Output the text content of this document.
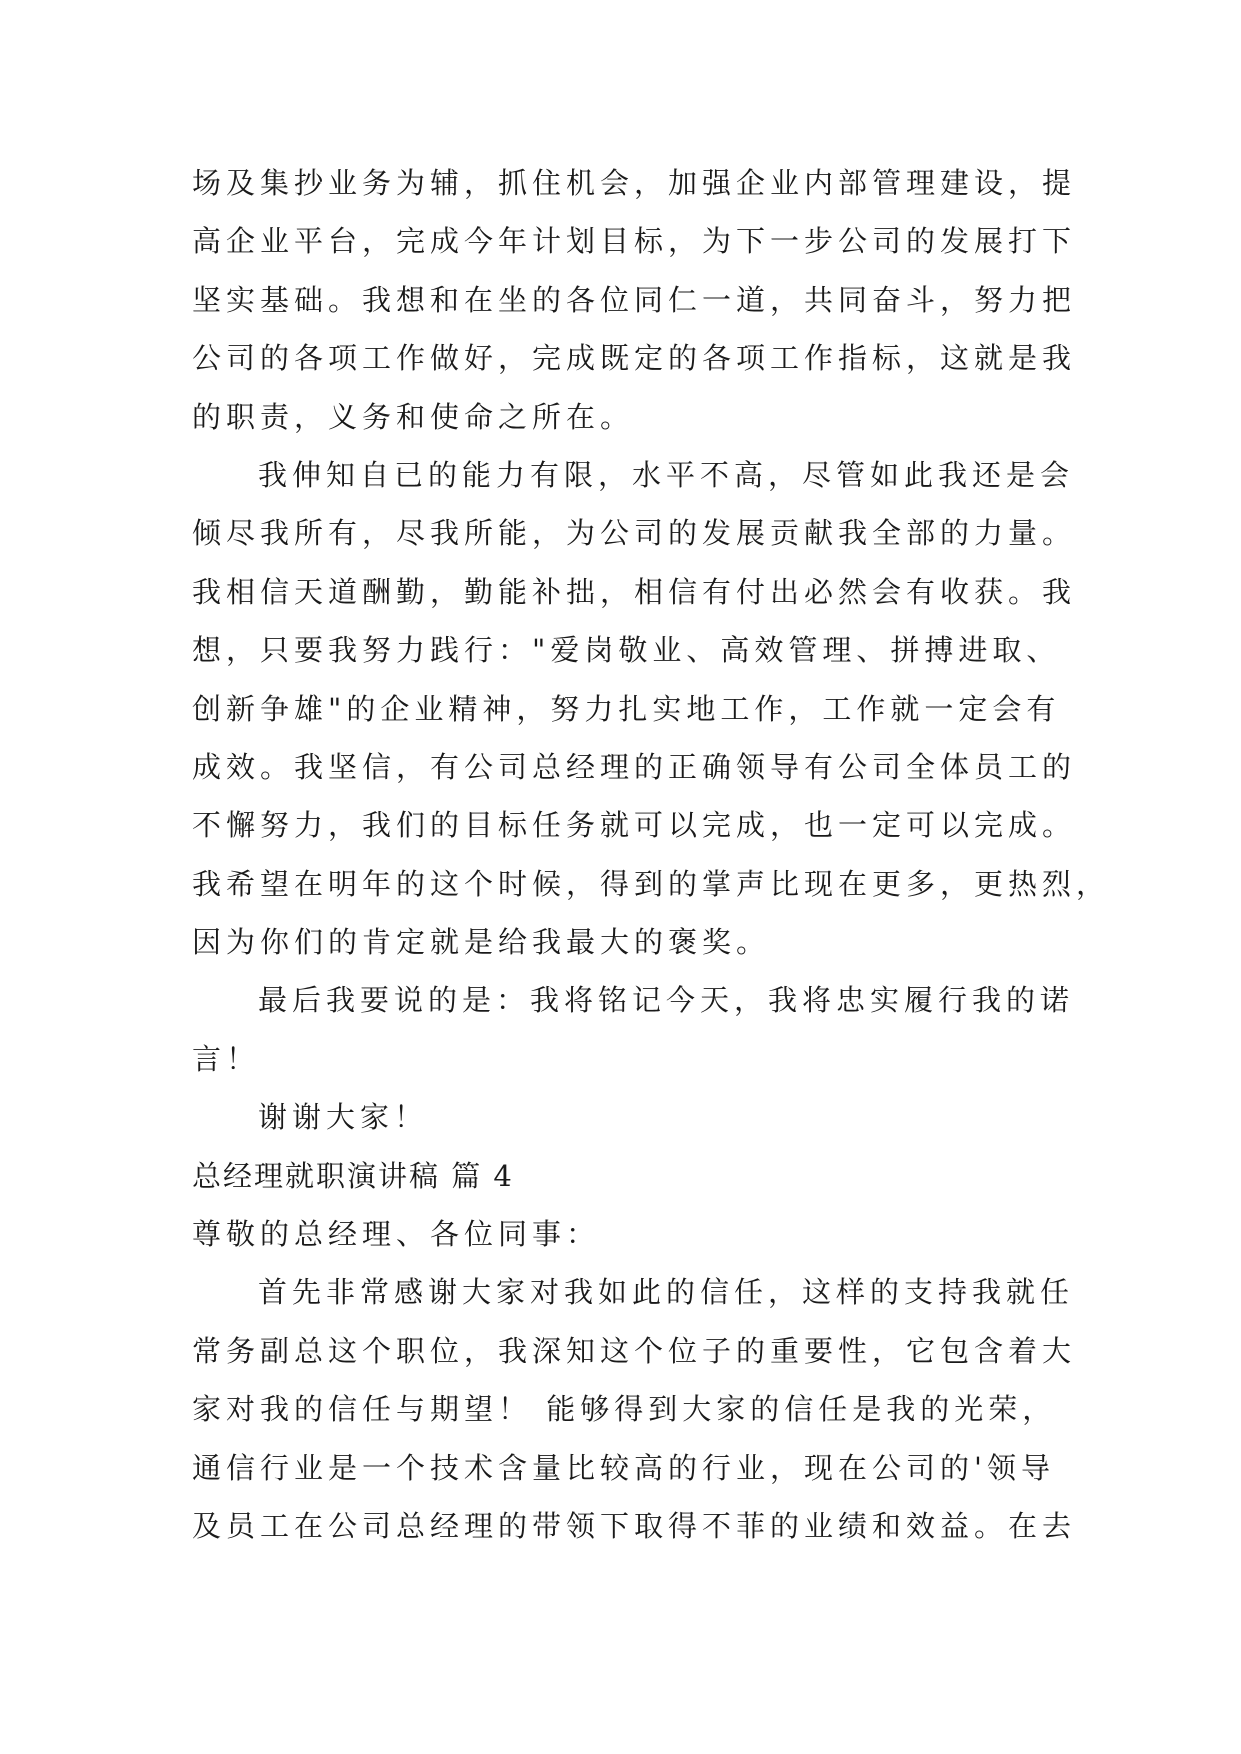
场及集抄业务为辅，抓住机会，加强企业内部管理建设，提
高企业平台，完成今年计划目标，为下一步公司的发展打下
坚实基础。我想和在坐的各位同仁一道，共同奋斗，努力把
公司的各项工作做好，完成既定的各项工作指标，这就是我
的职责，义务和使命之所在。
我伸知自已的能力有限，水平不高，尽管如此我还是会
倾尽我所有，尽我所能，为公司的发展贡献我全部的力量。
我相信天道酬勤，勤能补拙，相信有付出必然会有收获。我
想，只要我努力践行："爱岗敬业、高效管理、拼搏进取、
创新争雄"的企业精神，努力扎实地工作，工作就一定会有
成效。我坚信，有公司总经理的正确领导有公司全体员工的
不懈努力，我们的目标任务就可以完成，也一定可以完成。
我希望在明年的这个时候，得到的掌声比现在更多，更热烈，
因为你们的肯定就是给我最大的褒奖。
最后我要说的是：我将铭记今天，我将忠实履行我的诺
言！
谢谢大家！
总经理就职演讲稿 篇 4
尊敬的总经理、各位同事：
首先非常感谢大家对我如此的信任，这样的支持我就任
常务副总这个职位，我深知这个位子的重要性，它包含着大
家对我的信任与期望！ 能够得到大家的信任是我的光荣，
通信行业是一个技术含量比较高的行业，现在公司的'领导
及员工在公司总经理的带领下取得不菲的业绩和效益。在去
